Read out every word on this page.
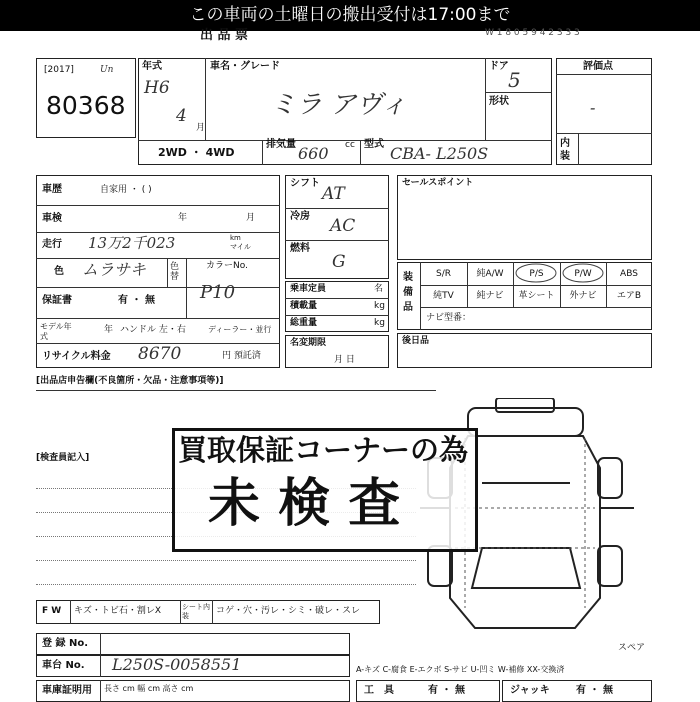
この車両の土曜日の搬出受付は17:00まで
出 品 票	W 1 8 0 5 9 4 2 3 3 3
[2017]	Un
80368
年式
H6
4
月
車名・グレード
ミラ アヴィ
ドア
5
形状
2WD ・ 4WD
排気量 660 cc 型式 CBA- L250S
評価点
-
内装
車歴	自家用 ・ ( )
車検	年	月
走行 13万2千023	km
マイル
色 ムラサキ	色替
カラーNo.
P10
保証書	有 ・ 無
モデル年式
年 ハンドル 左・右	ディーラー・並行
リサイクル料金 8670	円 預託済
シフト
AT
冷房 AC
燃料
G
乗車定員	名
積載量	kg
総重量	kg
名変期限
月 日
セールスポイント
装備品
S/R	純A/W	P/S	P/W	ABS
純TV	純ナビ	革シート	外ナビ	エアB
ナビ型番：
後日品
[出品店申告欄(不良箇所・欠品・注意事項等)]
[検査員記入]	買取保証コーナーの為
未 検 査
F W キズ・トビ石・割レX	シート内装	コゲ・穴・汚レ・シミ・破レ・スレ
登 録 No.
車台 No. L250S-0058551
車庫証明用 長さ cm 幅 cm 高さ cm
スペア
A-キズ C-腐食 E-エクボ S-サビ U-凹ミ W-補修 XX-交換済
工　具	有 ・ 無	ジャッキ	有 ・ 無
